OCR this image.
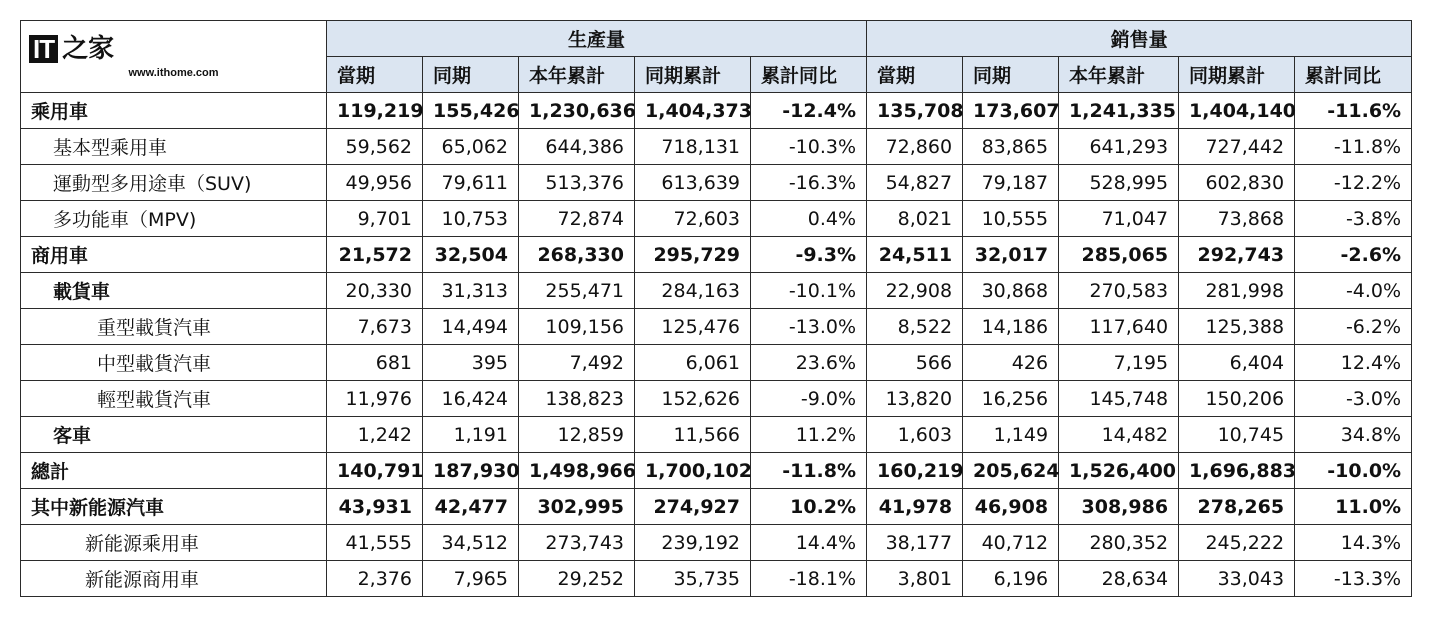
IT 之家
www.ithome.com	生產量					銷售量				
	當期	同期	本年累計	同期累計	累計同比	當期	同期	本年累計	同期累計	累計同比
乘用車	119,219	155,426	1,230,636	1,404,373	-12.4%	135,708	173,607	1,241,335	1,404,140	-11.6%
基本型乘用車	59,562	65,062	644,386	718,131	-10.3%	72,860	83,865	641,293	727,442	-11.8%
運動型多用途車（SUV)	49,956	79,611	513,376	613,639	-16.3%	54,827	79,187	528,995	602,830	-12.2%
多功能車（MPV)	9,701	10,753	72,874	72,603	0.4%	8,021	10,555	71,047	73,868	-3.8%
商用車	21,572	32,504	268,330	295,729	-9.3%	24,511	32,017	285,065	292,743	-2.6%
載貨車	20,330	31,313	255,471	284,163	-10.1%	22,908	30,868	270,583	281,998	-4.0%
重型載貨汽車	7,673	14,494	109,156	125,476	-13.0%	8,522	14,186	117,640	125,388	-6.2%
中型載貨汽車	681	395	7,492	6,061	23.6%	566	426	7,195	6,404	12.4%
輕型載貨汽車	11,976	16,424	138,823	152,626	-9.0%	13,820	16,256	145,748	150,206	-3.0%
客車	1,242	1,191	12,859	11,566	11.2%	1,603	1,149	14,482	10,745	34.8%
總計	140,791	187,930	1,498,966	1,700,102	-11.8%	160,219	205,624	1,526,400	1,696,883	-10.0%
其中新能源汽車	43,931	42,477	302,995	274,927	10.2%	41,978	46,908	308,986	278,265	11.0%
新能源乘用車	41,555	34,512	273,743	239,192	14.4%	38,177	40,712	280,352	245,222	14.3%
新能源商用車	2,376	7,965	29,252	35,735	-18.1%	3,801	6,196	28,634	33,043	-13.3%
